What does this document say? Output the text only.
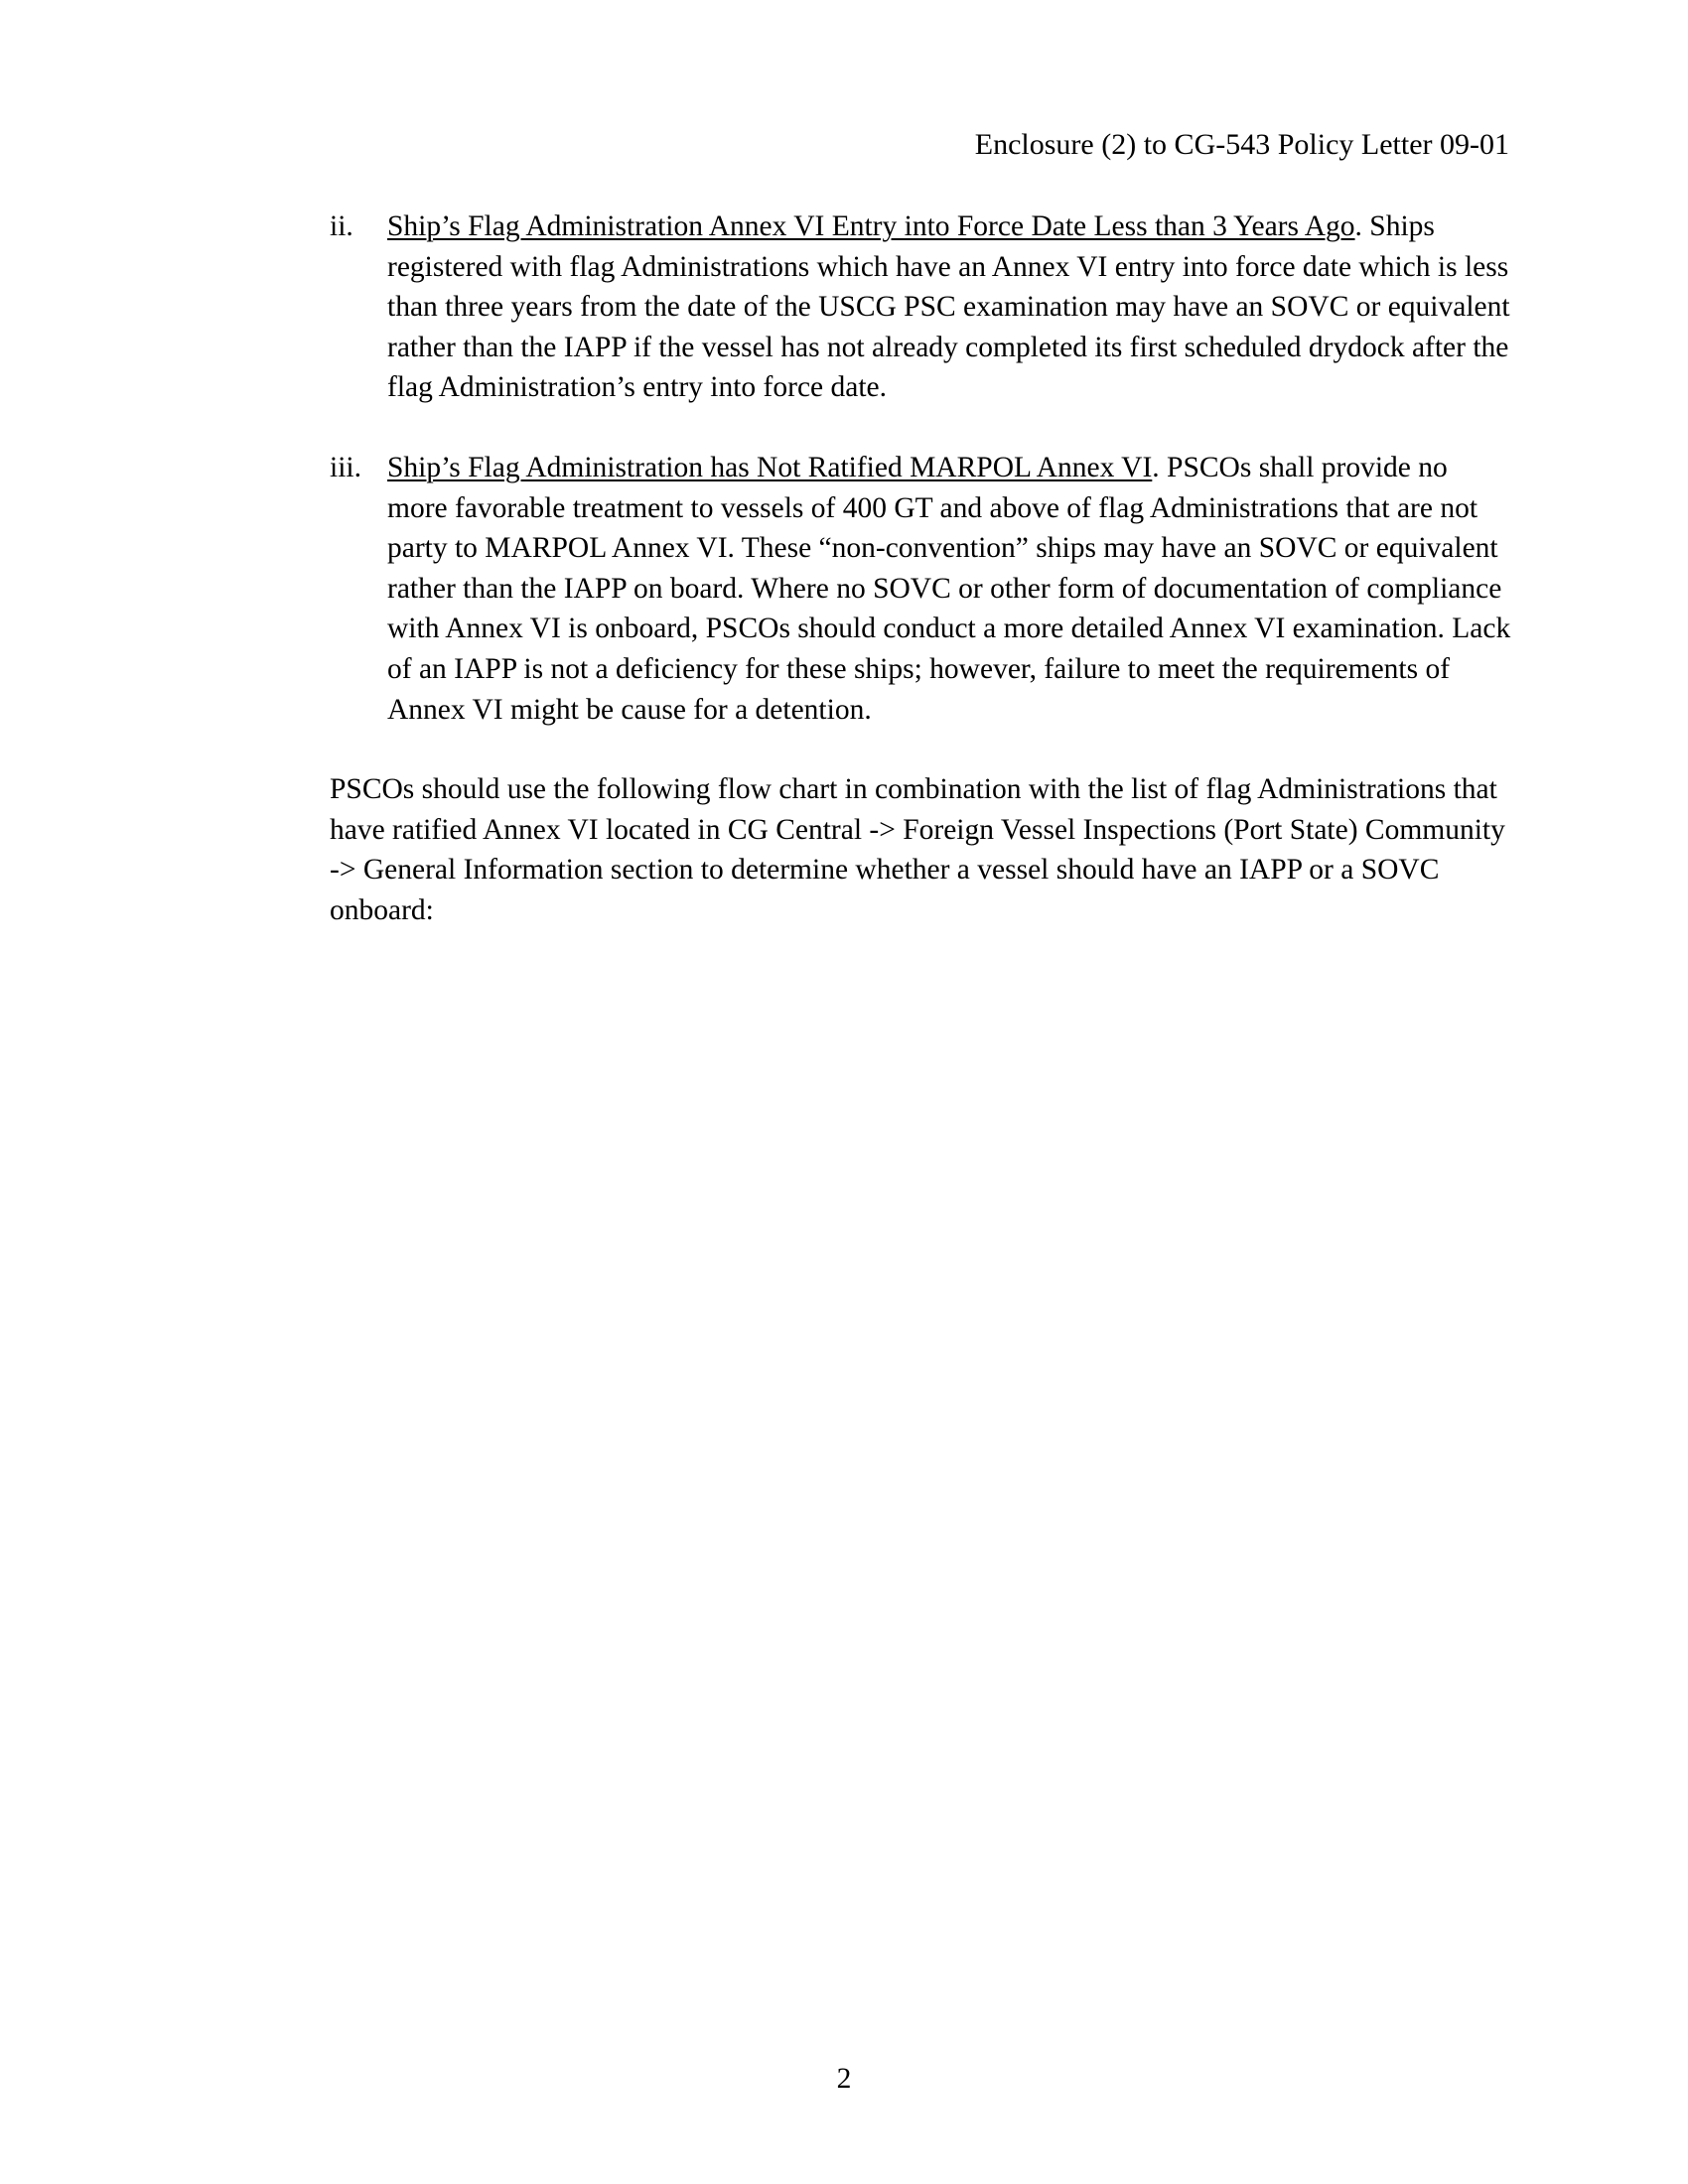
Enclosure (2) to CG-543 Policy Letter 09-01
ii.	Ship’s Flag Administration Annex VI Entry into Force Date Less than 3 Years Ago. Ships registered with flag Administrations which have an Annex VI entry into force date which is less than three years from the date of the USCG PSC examination may have an SOVC or equivalent rather than the IAPP if the vessel has not already completed its first scheduled drydock after the flag Administration’s entry into force date.
iii. Ship’s Flag Administration has Not Ratified MARPOL Annex VI. PSCOs shall provide no more favorable treatment to vessels of 400 GT and above of flag Administrations that are not party to MARPOL Annex VI. These “non-convention” ships may have an SOVC or equivalent rather than the IAPP on board. Where no SOVC or other form of documentation of compliance with Annex VI is onboard, PSCOs should conduct a more detailed Annex VI examination. Lack of an IAPP is not a deficiency for these ships; however, failure to meet the requirements of Annex VI might be cause for a detention.

PSCOs should use the following flow chart in combination with the list of flag Administrations that have ratified Annex VI located in CG Central -> Foreign Vessel Inspections (Port State) Community -> General Information section to determine whether a vessel should have an IAPP or a SOVC onboard:

2
